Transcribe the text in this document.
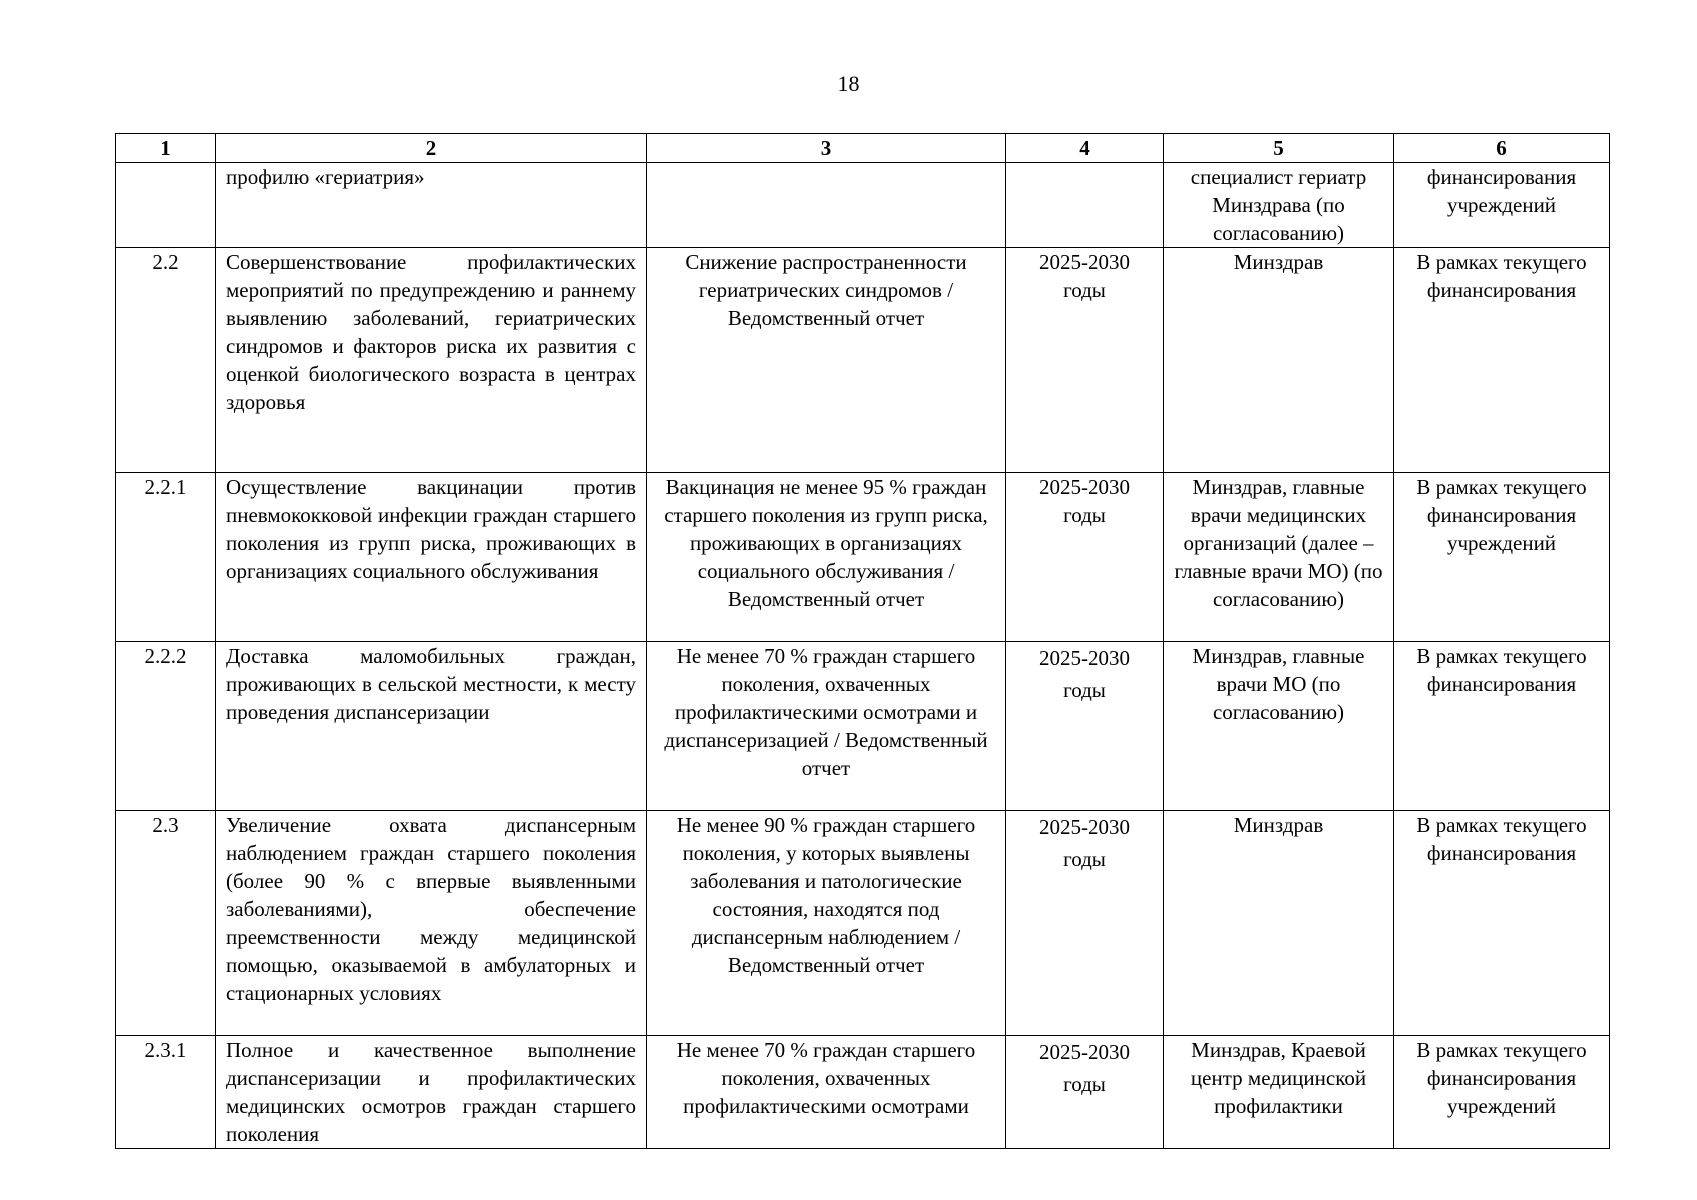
18
1	2	3	4	5	6
	профилю «гериатрия»			специалист гериатр Минздрава (по согласованию)	финансирования учреждений
2.2	Совершенствование профилактических мероприятий по предупреждению и раннему выявлению заболеваний, гериатрических синдромов и факторов риска их развития с оценкой биологического возраста в центрах здоровья	Снижение распространенности гериатрических синдромов / Ведомственный отчет	2025-2030 годы	Минздрав	В рамках текущего финансирования
2.2.1	Осуществление вакцинации против пневмококковой инфекции граждан старшего поколения из групп риска, проживающих в организациях социального обслуживания	Вакцинация не менее 95 % граждан старшего поколения из групп риска, проживающих в организациях социального обслуживания / Ведомственный отчет	2025-2030 годы	Минздрав, главные врачи медицинских организаций (далее – главные врачи МО) (по согласованию)	В рамках текущего финансирования учреждений
2.2.2	Доставка маломобильных граждан, проживающих в сельской местности, к месту проведения диспансеризации	Не менее 70 % граждан старшего поколения, охваченных профилактическими осмотрами и диспансеризацией / Ведомственный отчет	2025-2030 годы	Минздрав, главные врачи МО (по согласованию)	В рамках текущего финансирования
2.3	Увеличение охвата диспансерным наблюдением граждан старшего поколения (более 90 % с впервые выявленными заболеваниями), обеспечение преемственности между медицинской помощью, оказываемой в амбулаторных и стационарных условиях	Не менее 90 % граждан старшего поколения, у которых выявлены заболевания и патологические состояния, находятся под диспансерным наблюдением / Ведомственный отчет	2025-2030 годы	Минздрав	В рамках текущего финансирования
2.3.1	Полное и качественное выполнение диспансеризации и профилактических медицинских осмотров граждан старшего поколения	Не менее 70 % граждан старшего поколения, охваченных профилактическими осмотрами	2025-2030 годы	Минздрав, Краевой центр медицинской профилактики	В рамках текущего финансирования учреждений
